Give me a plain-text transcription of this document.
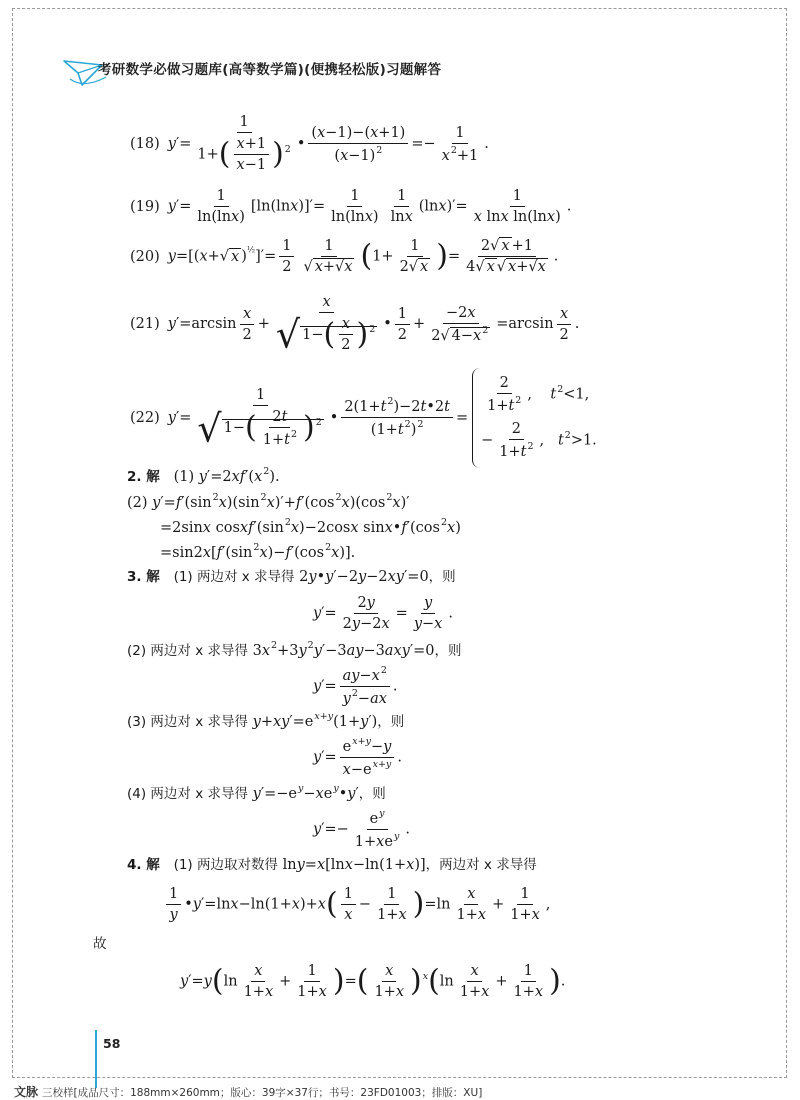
考研数学必做习题库(高等数学篇)(便携轻松版)习题解答
(18) $y'= \frac{1}{1+( \frac{x+1}{x-1} )^2}$ • $\frac{(x-1)-(x+1)}{(x-1)^2} =- \frac{1}{x^2+1}$ .
(19) $y'= \frac{1}{\ln(\ln x)} [\ln(\ln x)]'= \frac{1}{\ln(\ln x)} \frac{1}{\ln x} (\ln x)'= \frac{1}{\text{x lnx ln(lnx)}}$ .
(20) y=[(x+√ x )$^{\frac{1}{2}}]'= \frac{1}{2} \frac{1}{√ x+√x} (1+ \frac{1}{2√ x}$ )= $\frac{2√ x +1}{4√ x √ x+√x}$ .
(21) $y'=\arcsin \frac{x}{2} + \frac{x}{√ 1-( \frac{x}{2} )^2}$ • $\frac{1}{2} + \frac{-2x}{2√ 4-x^2} =\arcsin \frac{x}{2}$ .
(22) $y'= \frac{1}{√ 1-( \frac{2t}{1+t^2} )^2}$ • $\frac{2(1+t^2)-2t•2t}{(1+t^2)^2}$ =
$\frac{2}{1+t^2}$ ,    $t^2<1$,
− $\frac{2}{1+t^2}$ ,   $t^2>1$.
2. 解 (1) $y'=2xf'(x^2)$.
(2) $y'=f'(\sin^2x)(\sin^2x)'+f'(\cos^2x)(\cos^2x)'$
=2sinx $cosxf'(\sin^2x)-2\cos x$ $\sin x•f'(\cos^2x)$
$=\sin 2x[f'(\sin^2x)-f'(\cos^2x)]$.
3. 解 (1) 两边对 x 求导得 2y•y′−2y−2xy′=0，则
$y'= \frac{2y}{2y-2x} = \frac{y}{y-x}$ .
(2) 两边对 x 求导得 $3x^2+3y^2y'-3ay-3axy'=0$，则
$y'= \frac{ay-x^2}{y^2-ax}$ .
(3) 两边对 x 求导得 $y+xy'=e^{x+y}(1+y')$，则
$y'= \frac{e^{x+y}-y}{x-e^{x+y}}$ .
(4) 两边对 x 求导得 $y'=-e^y-xe^y•y'$，则
$y'=- \frac{e^y}{1+xe^y}$ .
4. 解 (1) 两边取对数得 lny=x[lnx−ln(1+x)]，两边对 x 求导得
$\frac{1}{y}$ •y′=lnx−ln(1+x)+x( $\frac{1}{x} - \frac{1}{1+x} )=\ln \frac{x}{1+x} + \frac{1}{1+x}$ ,
故
$y'=y(\ln \frac{x}{1+x} + \frac{1}{1+x}$ )=( $\frac{x}{1+x} )^x(\ln \frac{x}{1+x} + \frac{1}{1+x}$ ).
58
文脉 三校样[成品尺寸：188mm×260mm；版心：39字×37行；书号：23FD01003；排版：XU]
